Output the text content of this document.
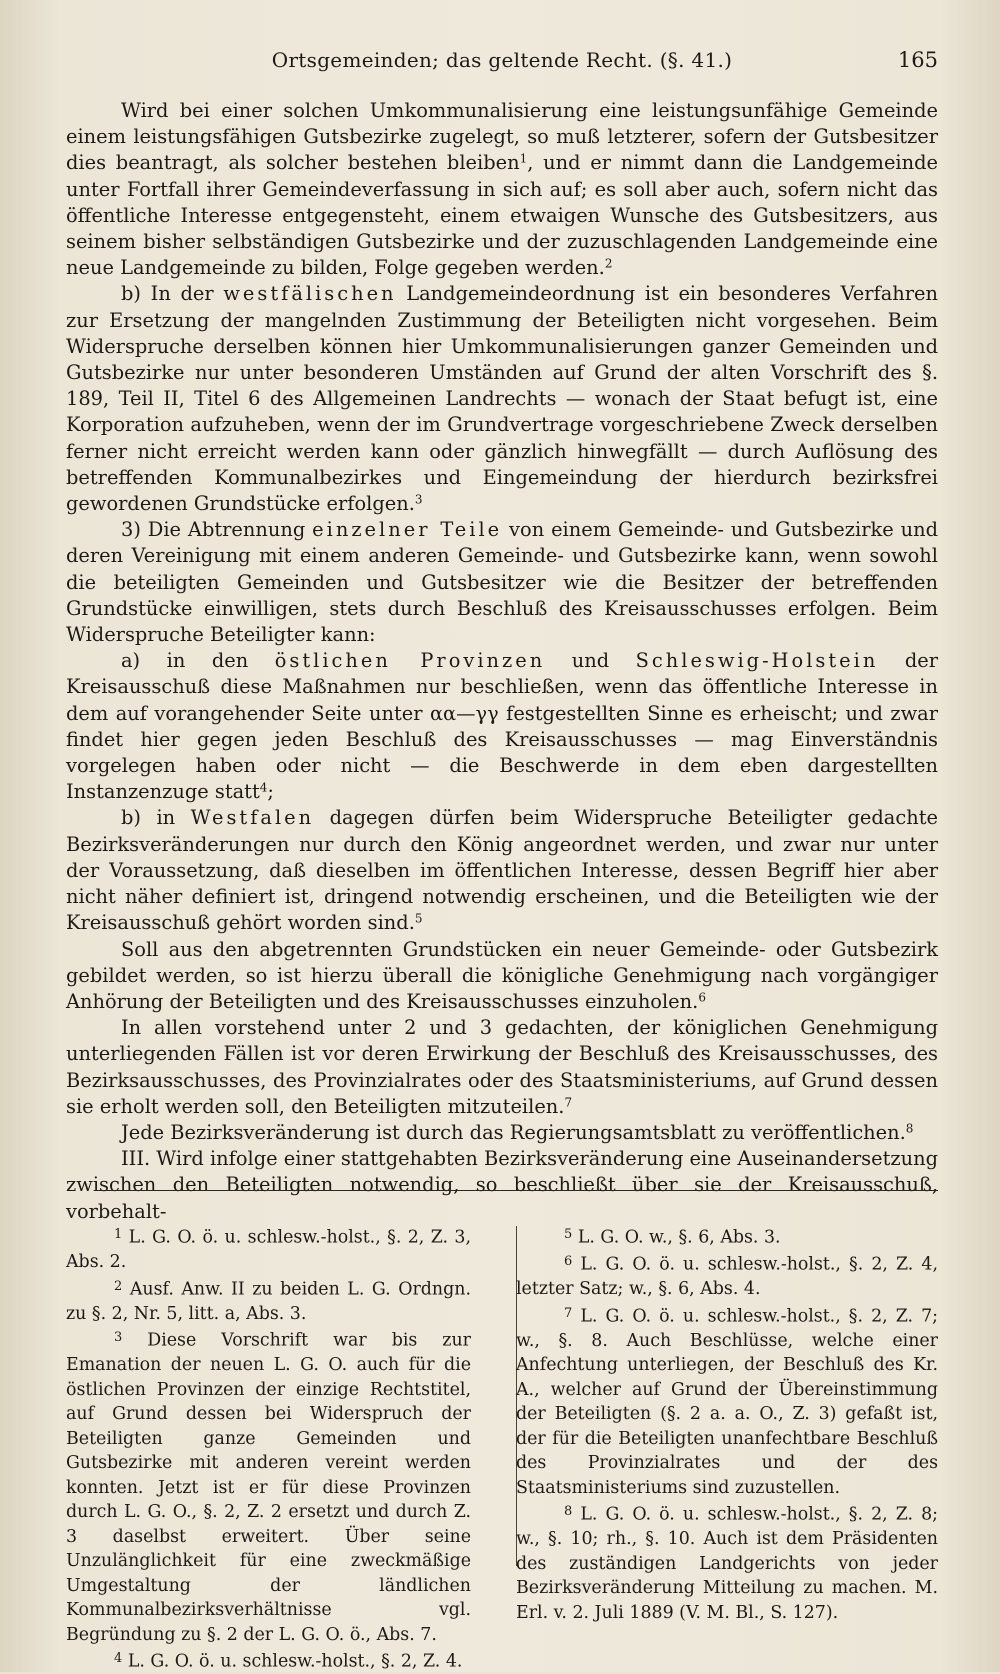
Ortsgemeinden; das geltende Recht. (§. 41.)	165

Wird bei einer solchen Umkommunalisierung eine leistungsunfähige Gemeinde einem leistungsfähigen Gutsbezirke zugelegt, so muß letzterer, sofern der Gutsbesitzer dies beantragt, als solcher bestehen bleiben$^1$, und er nimmt dann die Landgemeinde unter Fortfall ihrer Gemeindeverfassung in sich auf; es soll aber auch, sofern nicht das öffentliche Interesse entgegensteht, einem etwaigen Wunsche des Gutsbesitzers, aus seinem bisher selbständigen Gutsbezirke und der zuzuschlagenden Landgemeinde eine neue Landgemeinde zu bilden, Folge gegeben werden.$^2$

b) In der westfälischen Landgemeindeordnung ist ein besonderes Verfahren zur Ersetzung der mangelnden Zustimmung der Beteiligten nicht vorgesehen. Beim Widerspruche derselben können hier Umkommunalisierungen ganzer Gemeinden und Gutsbezirke nur unter besonderen Umständen auf Grund der alten Vorschrift des §. 189, Teil II, Titel 6 des Allgemeinen Landrechts — wonach der Staat befugt ist, eine Korporation aufzuheben, wenn der im Grundvertrage vorgeschriebene Zweck derselben ferner nicht erreicht werden kann oder gänzlich hinwegfällt — durch Auflösung des betreffenden Kommunalbezirkes und Eingemeindung der hierdurch bezirksfrei gewordenen Grundstücke erfolgen.$^3$

3) Die Abtrennung einzelner Teile von einem Gemeinde- und Gutsbezirke und deren Vereinigung mit einem anderen Gemeinde- und Gutsbezirke kann, wenn sowohl die beteiligten Gemeinden und Gutsbesitzer wie die Besitzer der betreffenden Grundstücke einwilligen, stets durch Beschluß des Kreisausschusses erfolgen. Beim Widerspruche Beteiligter kann:

a) in den östlichen Provinzen und Schleswig-Holstein der Kreisausschuß diese Maßnahmen nur beschließen, wenn das öffentliche Interesse in dem auf vorangehender Seite unter αα—γγ festgestellten Sinne es erheischt; und zwar findet hier gegen jeden Beschluß des Kreisausschusses — mag Einverständnis vorgelegen haben oder nicht — die Beschwerde in dem eben dargestellten Instanzenzuge statt$^4$;

b) in Westfalen dagegen dürfen beim Widerspruche Beteiligter gedachte Bezirksveränderungen nur durch den König angeordnet werden, und zwar nur unter der Voraussetzung, daß dieselben im öffentlichen Interesse, dessen Begriff hier aber nicht näher definiert ist, dringend notwendig erscheinen, und die Beteiligten wie der Kreisausschuß gehört worden sind.$^5$

Soll aus den abgetrennten Grundstücken ein neuer Gemeinde- oder Gutsbezirk gebildet werden, so ist hierzu überall die königliche Genehmigung nach vorgängiger Anhörung der Beteiligten und des Kreisausschusses einzuholen.$^6$

In allen vorstehend unter 2 und 3 gedachten, der königlichen Genehmigung unterliegenden Fällen ist vor deren Erwirkung der Beschluß des Kreisausschusses, des Bezirksausschusses, des Provinzialrates oder des Staatsministeriums, auf Grund dessen sie erholt werden soll, den Beteiligten mitzuteilen.$^7$

Jede Bezirksveränderung ist durch das Regierungsamtsblatt zu veröffentlichen.$^8$

III. Wird infolge einer stattgehabten Bezirksveränderung eine Auseinandersetzung zwischen den Beteiligten notwendig, so beschließt über sie der Kreisausschuß, vorbehalt-

1 L. G. O. ö. u. schlesw.-holst., §. 2, Z. 3, Abs. 2.

2 Ausf. Anw. II zu beiden L. G. Ordngn. zu §. 2, Nr. 5, litt. a, Abs. 3.

3 Diese Vorschrift war bis zur Emanation der neuen L. G. O. auch für die östlichen Provinzen der einzige Rechtstitel, auf Grund dessen bei Widerspruch der Beteiligten ganze Gemeinden und Gutsbezirke mit anderen vereint werden konnten. Jetzt ist er für diese Provinzen durch L. G. O., §. 2, Z. 2 ersetzt und durch Z. 3 daselbst erweitert. Über seine Unzulänglichkeit für eine zweckmäßige Umgestaltung der ländlichen Kommunalbezirksverhältnisse vgl. Begründung zu §. 2 der L. G. O. ö., Abs. 7.

4 L. G. O. ö. u. schlesw.-holst., §. 2, Z. 4.

5 L. G. O. w., §. 6, Abs. 3.

6 L. G. O. ö. u. schlesw.-holst., §. 2, Z. 4, letzter Satz; w., §. 6, Abs. 4.

7 L. G. O. ö. u. schlesw.-holst., §. 2, Z. 7; w., §. 8. Auch Beschlüsse, welche einer Anfechtung unterliegen, der Beschluß des Kr. A., welcher auf Grund der Übereinstimmung der Beteiligten (§. 2 a. a. O., Z. 3) gefaßt ist, der für die Beteiligten unanfechtbare Beschluß des Provinzialrates und der des Staatsministeriums sind zuzustellen.

8 L. G. O. ö. u. schlesw.-holst., §. 2, Z. 8; w., §. 10; rh., §. 10. Auch ist dem Präsidenten des zuständigen Landgerichts von jeder Bezirksveränderung Mitteilung zu machen. M. Erl. v. 2. Juli 1889 (V. M. Bl., S. 127).
